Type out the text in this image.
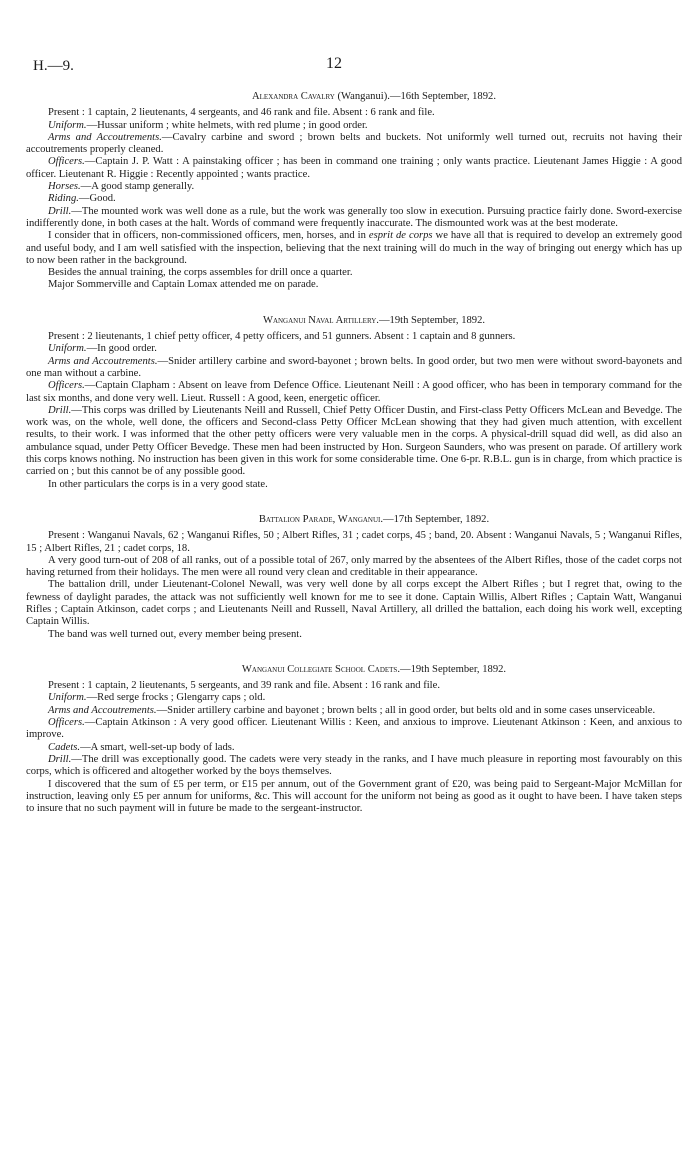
H.—9.	12
Alexandra Cavalry (Wanganui).—16th September, 1892.

Present : 1 captain, 2 lieutenants, 4 sergeants, and 46 rank and file. Absent : 6 rank and file.

Uniform.—Hussar uniform ; white helmets, with red plume ; in good order.

Arms and Accoutrements.—Cavalry carbine and sword ; brown belts and buckets. Not uniformly well turned out, recruits not having their accoutrements properly cleaned.

Officers.—Captain J. P. Watt : A painstaking officer ; has been in command one training ; only wants practice. Lieutenant James Higgie : A good officer. Lieutenant R. Higgie : Recently appointed ; wants practice.

Horses.—A good stamp generally.

Riding.—Good.

Drill.—The mounted work was well done as a rule, but the work was generally too slow in execution. Pursuing practice fairly done. Sword-exercise indifferently done, in both cases at the halt. Words of command were frequently inaccurate. The dismounted work was at the best moderate.

I consider that in officers, non-commissioned officers, men, horses, and in esprit de corps we have all that is required to develop an extremely good and useful body, and I am well satisfied with the inspection, believing that the next training will do much in the way of bringing out energy which has up to now been rather in the background.

Besides the annual training, the corps assembles for drill once a quarter.

Major Sommerville and Captain Lomax attended me on parade.

Wanganui Naval Artillery.—19th September, 1892.

Present : 2 lieutenants, 1 chief petty officer, 4 petty officers, and 51 gunners. Absent : 1 captain and 8 gunners.

Uniform.—In good order.

Arms and Accoutrements.—Snider artillery carbine and sword-bayonet ; brown belts. In good order, but two men were without sword-bayonets and one man without a carbine.

Officers.—Captain Clapham : Absent on leave from Defence Office. Lieutenant Neill : A good officer, who has been in temporary command for the last six months, and done very well. Lieut. Russell : A good, keen, energetic officer.

Drill.—This corps was drilled by Lieutenants Neill and Russell, Chief Petty Officer Dustin, and First-class Petty Officers McLean and Bevedge. The work was, on the whole, well done, the officers and Second-class Petty Officer McLean showing that they had given much attention, with excellent results, to their work. I was informed that the other petty officers were very valuable men in the corps. A physical-drill squad did well, as did also an ambulance squad, under Petty Officer Bevedge. These men had been instructed by Hon. Surgeon Saunders, who was present on parade. Of artillery work this corps knows nothing. No instruction has been given in this work for some considerable time. One 6-pr. R.B.L. gun is in charge, from which practice is carried on ; but this cannot be of any possible good.

In other particulars the corps is in a very good state.

Battalion Parade, Wanganui.—17th September, 1892.

Present : Wanganui Navals, 62 ; Wanganui Rifles, 50 ; Albert Rifles, 31 ; cadet corps, 45 ; band, 20. Absent : Wanganui Navals, 5 ; Wanganui Rifles, 15 ; Albert Rifles, 21 ; cadet corps, 18.

A very good turn-out of 208 of all ranks, out of a possible total of 267, only marred by the absentees of the Albert Rifles, those of the cadet corps not having returned from their holidays. The men were all round very clean and creditable in their appearance.

The battalion drill, under Lieutenant-Colonel Newall, was very well done by all corps except the Albert Rifles ; but I regret that, owing to the fewness of daylight parades, the attack was not sufficiently well known for me to see it done. Captain Willis, Albert Rifles ; Captain Watt, Wanganui Rifles ; Captain Atkinson, cadet corps ; and Lieutenants Neill and Russell, Naval Artillery, all drilled the battalion, each doing his work well, excepting Captain Willis.

The band was well turned out, every member being present.

Wanganui Collegiate School Cadets.—19th September, 1892.

Present : 1 captain, 2 lieutenants, 5 sergeants, and 39 rank and file. Absent : 16 rank and file.

Uniform.—Red serge frocks ; Glengarry caps ; old.

Arms and Accoutrements.—Snider artillery carbine and bayonet ; brown belts ; all in good order, but belts old and in some cases unserviceable.

Officers.—Captain Atkinson : A very good officer. Lieutenant Willis : Keen, and anxious to improve. Lieutenant Atkinson : Keen, and anxious to improve.

Cadets.—A smart, well-set-up body of lads.

Drill.—The drill was exceptionally good. The cadets were very steady in the ranks, and I have much pleasure in reporting most favourably on this corps, which is officered and altogether worked by the boys themselves.

I discovered that the sum of £5 per term, or £15 per annum, out of the Government grant of £20, was being paid to Sergeant-Major McMillan for instruction, leaving only £5 per annum for uniforms, &c. This will account for the uniform not being as good as it ought to have been. I have taken steps to insure that no such payment will in future be made to the sergeant-instructor.
